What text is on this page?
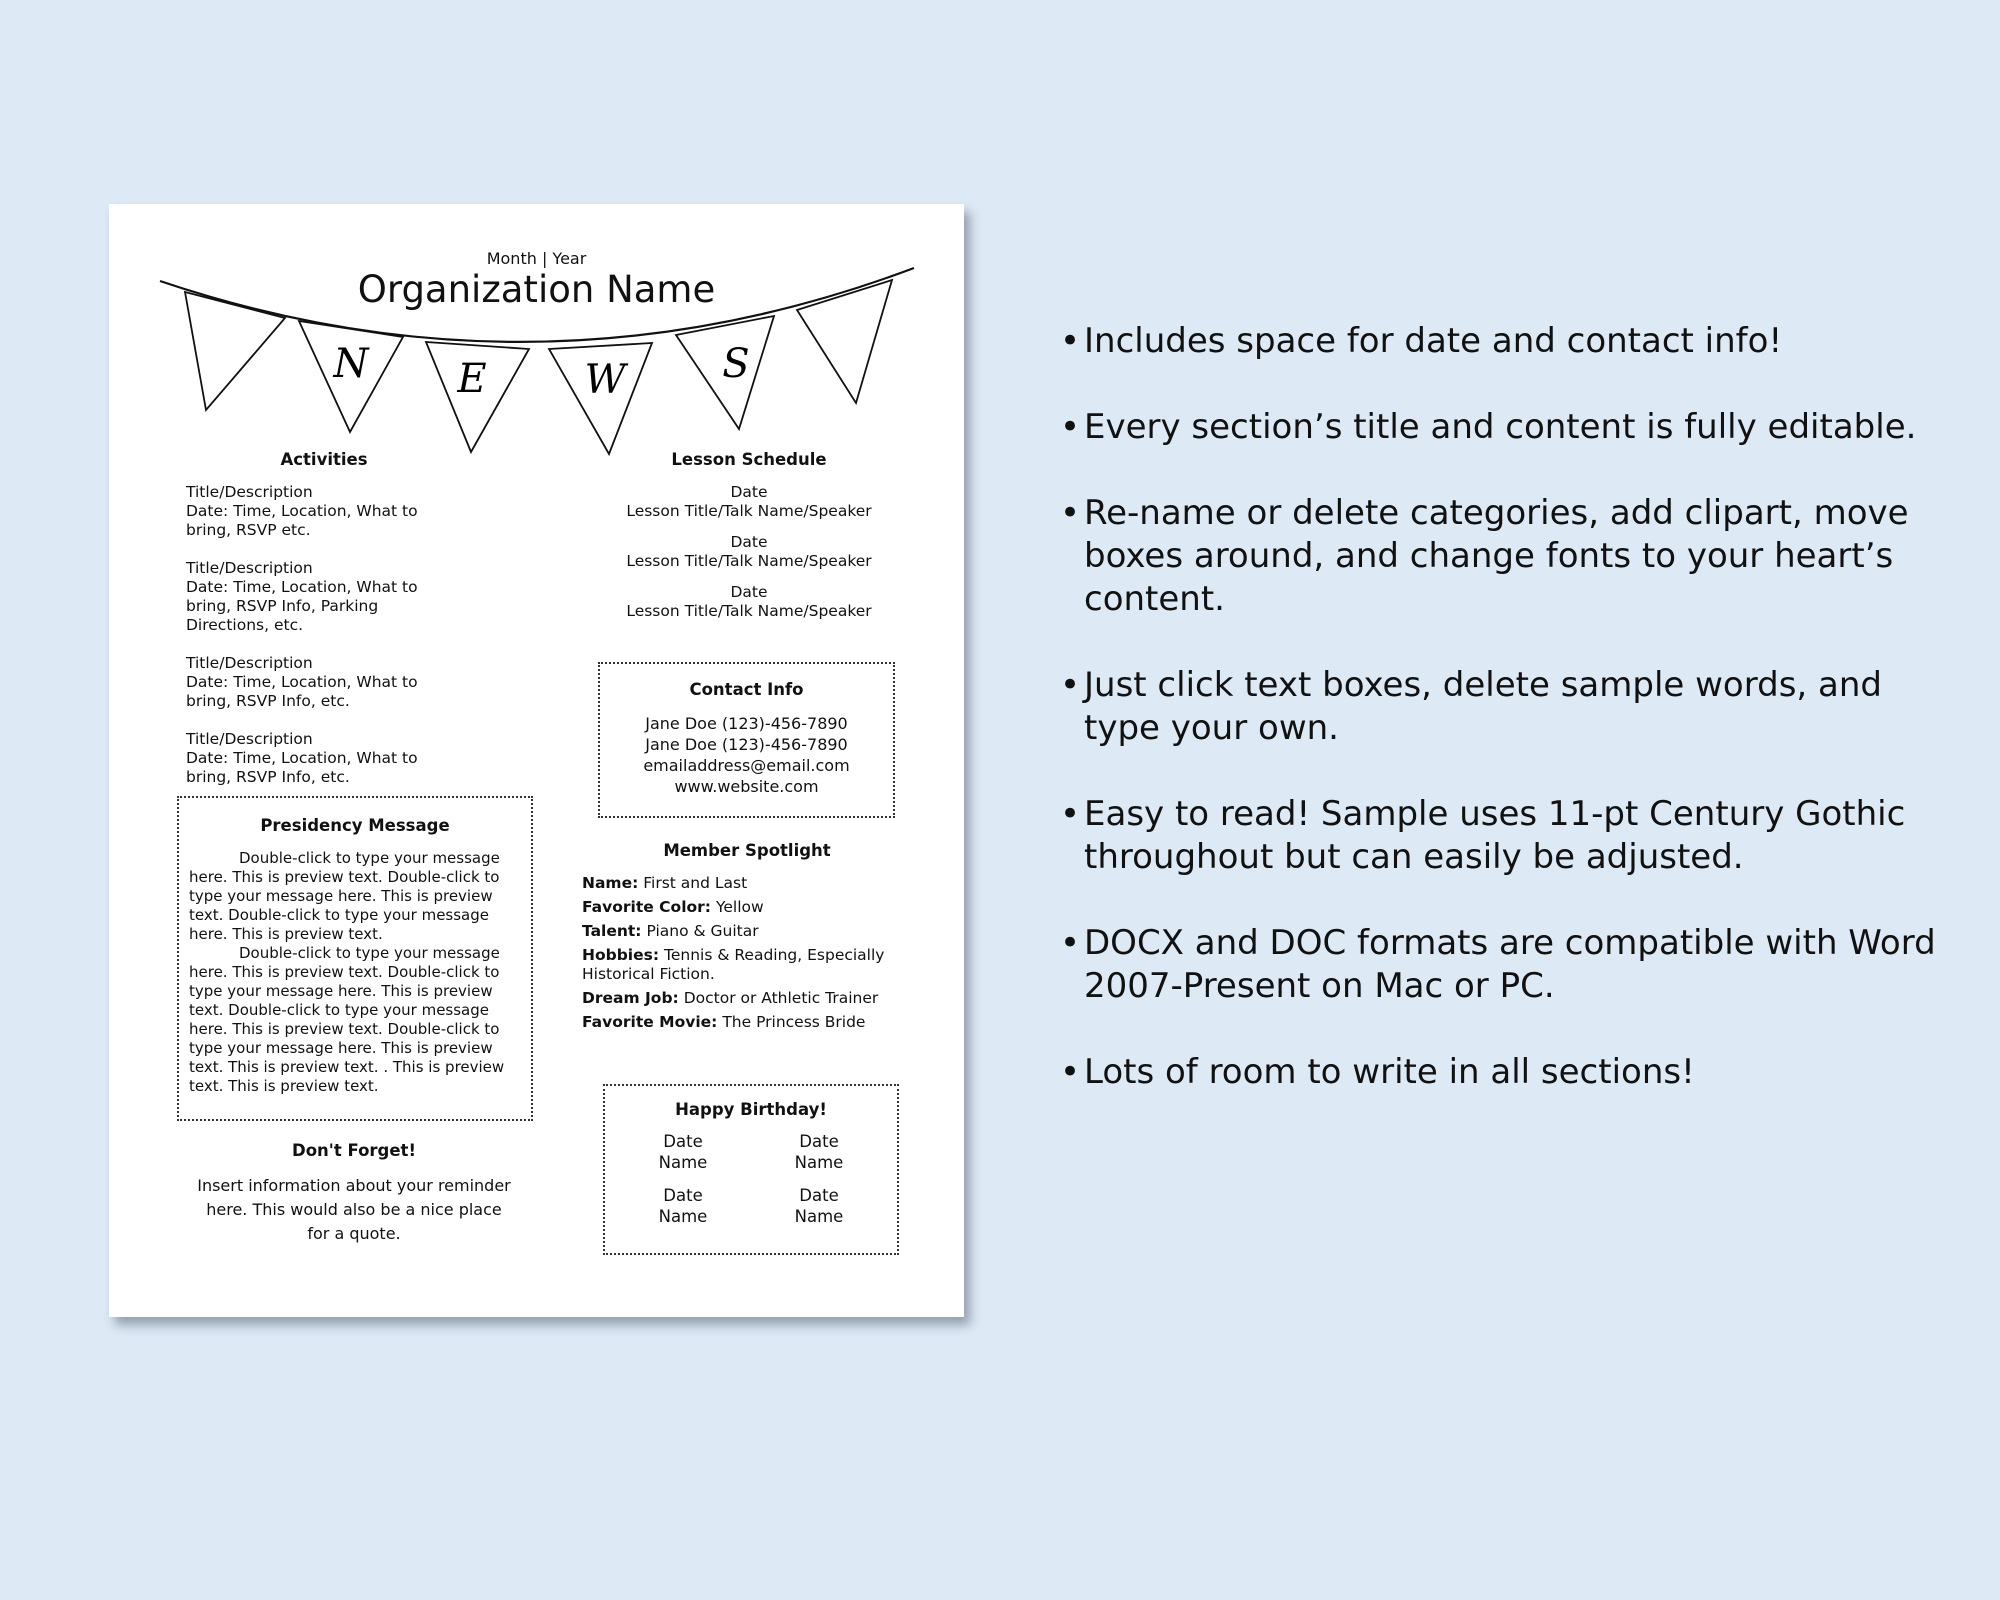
N E W S
Month | Year
Organization Name
Activities
Title/Description
Date: Time, Location, What to bring, RSVP etc.
Title/Description
Date: Time, Location, What to bring, RSVP Info, Parking Directions, etc.
Title/Description
Date: Time, Location, What to bring, RSVP Info, etc.
Title/Description
Date: Time, Location, What to bring, RSVP Info, etc.
Lesson Schedule
Date
Lesson Title/Talk Name/Speaker
Date
Lesson Title/Talk Name/Speaker
Date
Lesson Title/Talk Name/Speaker
Contact Info
Jane Doe (123)-456-7890
Jane Doe (123)-456-7890
emailaddress@email.com
www.website.com
Presidency Message
Double-click to type your message here. This is preview text. Double-click to type your message here. This is preview text. Double-click to type your message here. This is preview text.
Double-click to type your message here. This is preview text. Double-click to type your message here. This is preview text. Double-click to type your message here. This is preview text. Double-click to type your message here. This is preview text. This is preview text. . This is preview text. This is preview text.
Member Spotlight
Name: First and Last
Favorite Color: Yellow
Talent: Piano & Guitar
Hobbies: Tennis & Reading, Especially Historical Fiction.
Dream Job: Doctor or Athletic Trainer
Favorite Movie: The Princess Bride
Don't Forget!
Insert information about your reminder here. This would also be a nice place for a quote.
Happy Birthday!
Date
Name
Date
Name
Date
Name
Date
Name
• Includes space for date and contact info!
• Every section’s title and content is fully editable.
• Re-name or delete categories, add clipart, move boxes around, and change fonts to your heart’s content.
• Just click text boxes, delete sample words, and type your own.
• Easy to read! Sample uses 11-pt Century Gothic throughout but can easily be adjusted.
• DOCX and DOC formats are compatible with Word 2007-Present on Mac or PC.
• Lots of room to write in all sections!
